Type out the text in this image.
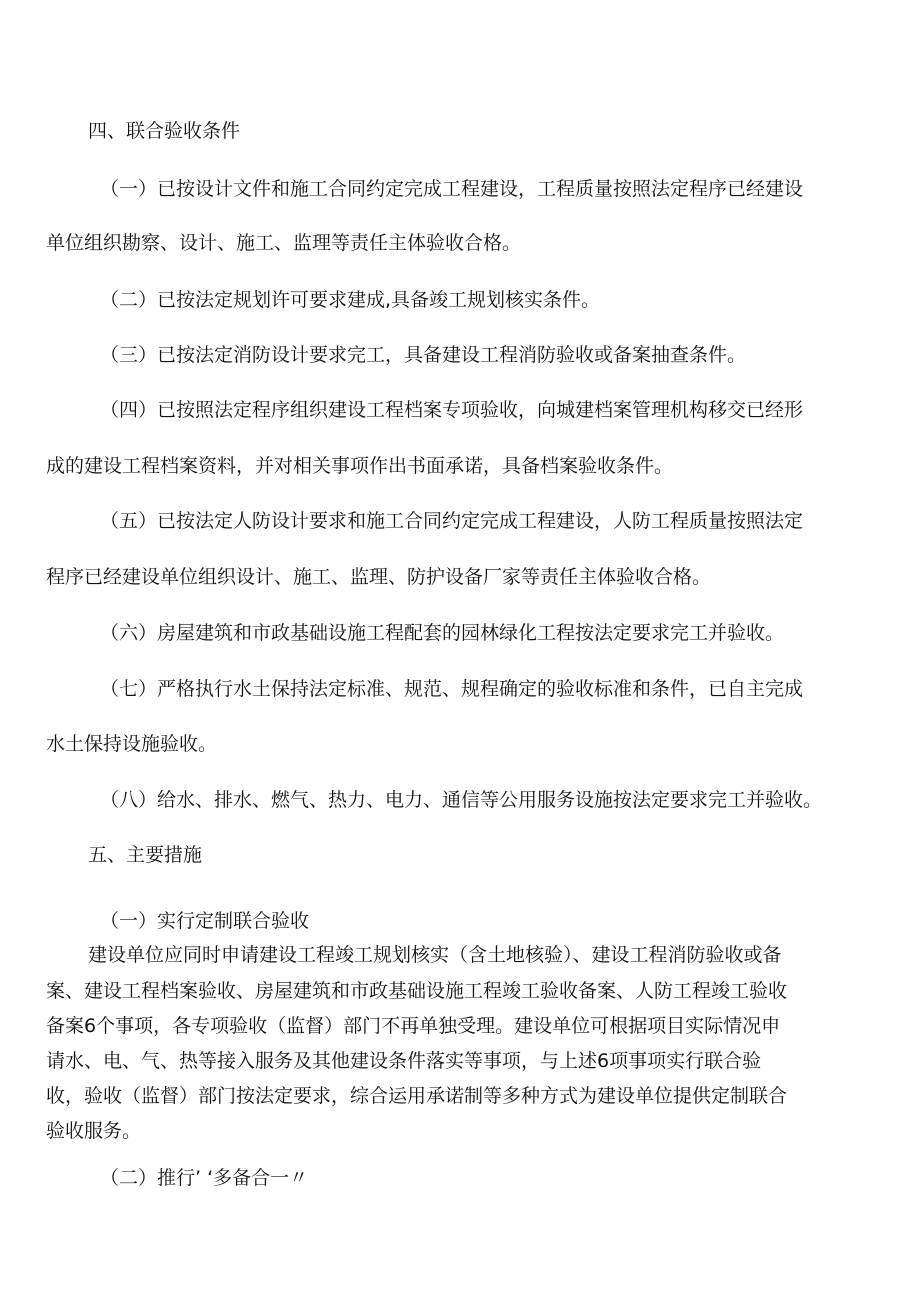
四、联合验收条件
（一）已按设计文件和施工合同约定完成工程建设，工程质量按照法定程序已经建设
单位组织勘察、设计、施工、监理等责任主体验收合格。
（二）已按法定规划许可要求建成,具备竣工规划核实条件。
（三）已按法定消防设计要求完工，具备建设工程消防验收或备案抽查条件。
（四）已按照法定程序组织建设工程档案专项验收，向城建档案管理机构移交已经形
成的建设工程档案资料，并对相关事项作出书面承诺，具备档案验收条件。
（五）已按法定人防设计要求和施工合同约定完成工程建设，人防工程质量按照法定
程序已经建设单位组织设计、施工、监理、防护设备厂家等责任主体验收合格。
（六）房屋建筑和市政基础设施工程配套的园林绿化工程按法定要求完工并验收。
（七）严格执行水土保持法定标准、规范、规程确定的验收标准和条件，已自主完成
水土保持设施验收。
（八）给水、排水、燃气、热力、电力、通信等公用服务设施按法定要求完工并验收。
五、主要措施
（一）实行定制联合验收
建设单位应同时申请建设工程竣工规划核实（含土地核验）、建设工程消防验收或备
案、建设工程档案验收、房屋建筑和市政基础设施工程竣工验收备案、人防工程竣工验收
备案6个事项，各专项验收（监督）部门不再单独受理。建设单位可根据项目实际情况申
请水、电、气、热等接入服务及其他建设条件落实等事项，与上述6项事项实行联合验
收，验收（监督）部门按法定要求，综合运用承诺制等多种方式为建设单位提供定制联合
验收服务。
（二）推行’ ‘多备合一〃
